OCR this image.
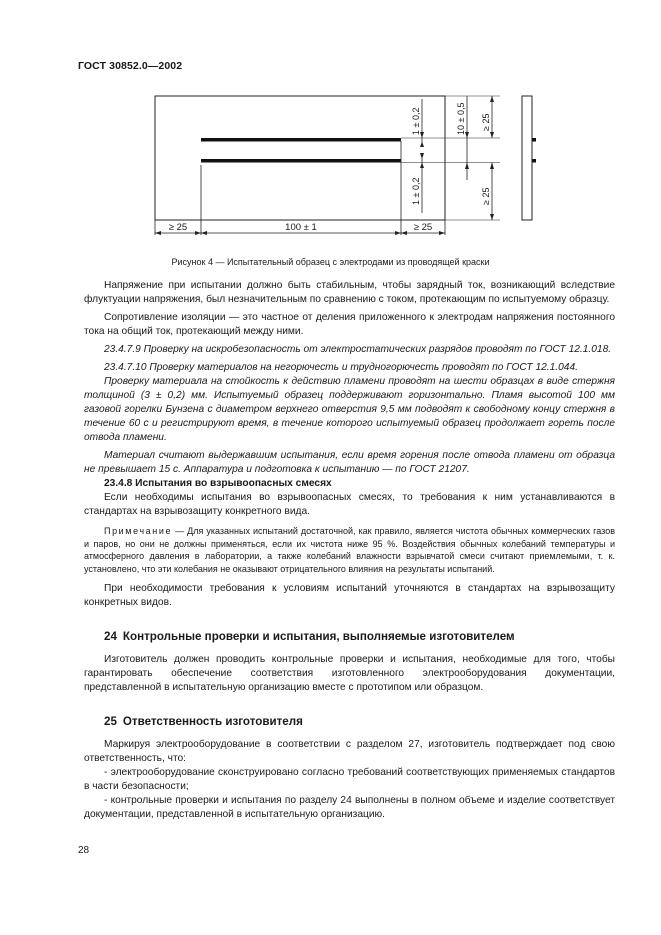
ГОСТ 30852.0—2002
≥ 25	100 ± 1	≥ 25
1 ± 0,2
1 ± 0,2
10 ± 0,5 ≥ 25
≥ 25
Рисунок 4 — Испытательный образец с электродами из проводящей краски

Напряжение при испытании должно быть стабильным, чтобы зарядный ток, возникающий вследствие флуктуации напряжения, был незначительным по сравнению с током, протекающим по испытуемому образцу.

Сопротивление изоляции — это частное от деления приложенного к электродам напряжения постоянного тока на общий ток, протекающий между ними.

23.4.7.9 Проверку на искробезопасность от электростатических разрядов проводят по ГОСТ 12.1.018.

23.4.7.10 Проверку материалов на негорючесть и трудногорючесть проводят по ГОСТ 12.1.044.

Проверку материала на стойкость к действию пламени проводят на шести образцах в виде стержня толщиной (3 ± 0,2) мм. Испытуемый образец поддерживают горизонтально. Пламя высотой 100 мм газовой горелки Бунзена с диаметром верхнего отверстия 9,5 мм подводят к свободному концу стержня в течение 60 с и регистрируют время, в течение которого испытуемый образец продолжает гореть после отвода пламени.

Материал считают выдержавшим испытания, если время горения после отвода пламени от образца не превышает 15 с. Аппаратура и подготовка к испытанию — по ГОСТ 21207.

23.4.8 Испытания во взрывоопасных смесях

Если необходимы испытания во взрывоопасных смесях, то требования к ним устанавливаются в стандартах на взрывозащиту конкретного вида.

Примечание — Для указанных испытаний достаточной, как правило, является чистота обычных коммерческих газов и паров, но они не должны применяться, если их чистота ниже 95 %. Воздействия обычных колебаний температуры и атмосферного давления в лаборатории, а также колебаний влажности взрывчатой смеси считают приемлемыми, т. к. установлено, что эти колебания не оказывают отрицательного влияния на результаты испытаний.

При необходимости требования к условиям испытаний уточняются в стандартах на взрывозащиту конкретных видов.

24 Контрольные проверки и испытания, выполняемые изготовителем

Изготовитель должен проводить контрольные проверки и испытания, необходимые для того, чтобы гарантировать обеспечение соответствия изготовленного электрооборудования документации, представленной в испытательную организацию вместе с прототипом или образцом.

25 Ответственность изготовителя

Маркируя электрооборудование в соответствии с разделом 27, изготовитель подтверждает под свою ответственность, что:

- электрооборудование сконструировано согласно требований соответствующих применяемых стандартов в части безопасности;

- контрольные проверки и испытания по разделу 24 выполнены в полном объеме и изделие соответствует документации, представленной в испытательную организацию.

28
